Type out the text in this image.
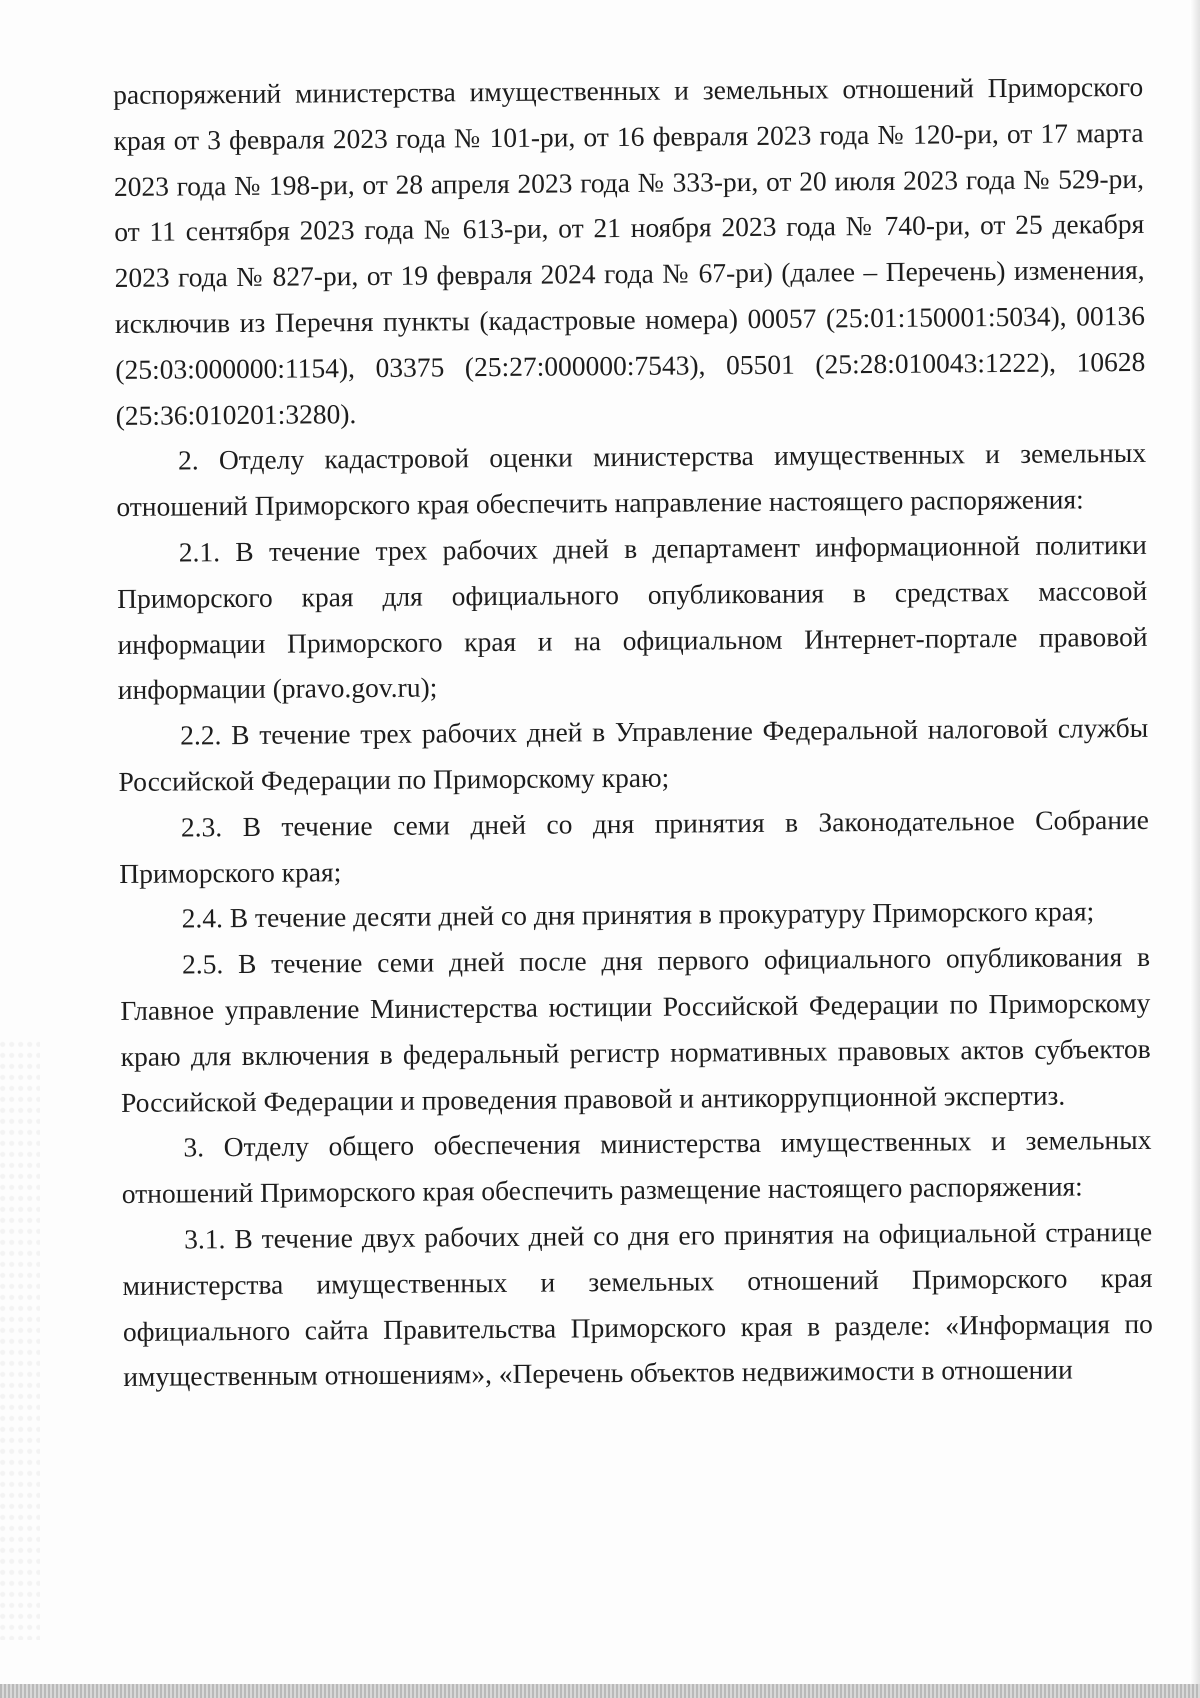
распоряжений министерства имущественных и земельных отношений Приморского края от 3 февраля 2023 года № 101-ри, от 16 февраля 2023 года № 120-ри, от 17 марта 2023 года № 198-ри, от 28 апреля 2023 года № 333-ри, от 20 июля 2023 года № 529-ри, от 11 сентября 2023 года № 613-ри, от 21 ноября 2023 года № 740-ри, от 25 декабря 2023 года № 827-ри, от 19 февраля 2024 года № 67-ри) (далее – Перечень) изменения, исключив из Перечня пункты (кадастровые номера) 00057 (25:01:150001:5034), 00136 (25:03:000000:1154), 03375 (25:27:000000:7543), 05501 (25:28:010043:1222), 10628 (25:36:010201:3280).

2. Отделу кадастровой оценки министерства имущественных и земельных отношений Приморского края обеспечить направление настоящего распоряжения:

2.1. В течение трех рабочих дней в департамент информационной политики Приморского края для официального опубликования в средствах массовой информации Приморского края и на официальном Интернет-портале правовой информации (pravo.gov.ru);

2.2. В течение трех рабочих дней в Управление Федеральной налоговой службы Российской Федерации по Приморскому краю;

2.3. В течение семи дней со дня принятия в Законодательное Собрание Приморского края;

2.4. В течение десяти дней со дня принятия в прокуратуру Приморского края;

2.5. В течение семи дней после дня первого официального опубликования в Главное управление Министерства юстиции Российской Федерации по Приморскому краю для включения в федеральный регистр нормативных правовых актов субъектов Российской Федерации и проведения правовой и антикоррупционной экспертиз.

3. Отделу общего обеспечения министерства имущественных и земельных отношений Приморского края обеспечить размещение настоящего распоряжения:

3.1. В течение двух рабочих дней со дня его принятия на официальной странице министерства имущественных и земельных отношений Приморского края официального сайта Правительства Приморского края в разделе: «Информация по имущественным отношениям», «Перечень объектов недвижимости в отношении
